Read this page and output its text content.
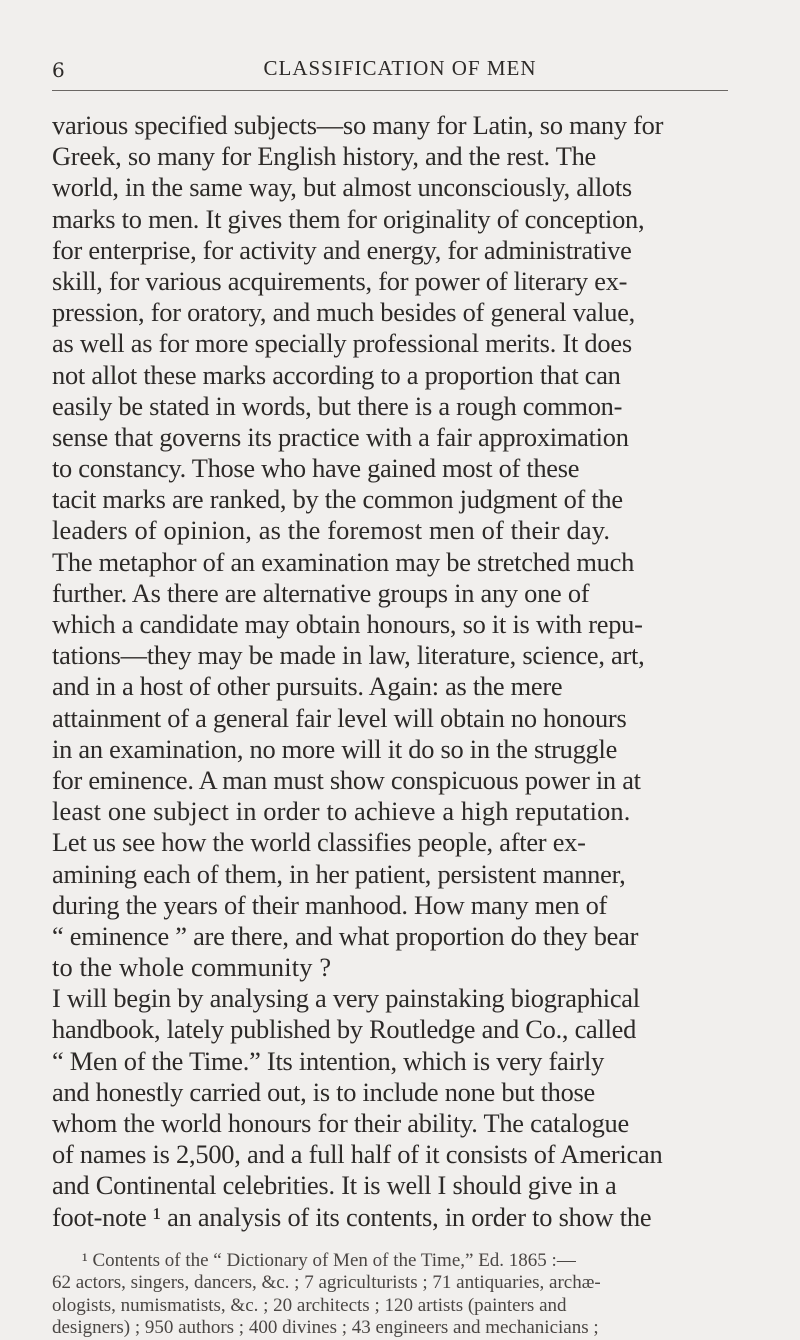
6	CLASSIFICATION OF MEN
various specified subjects—so many for Latin, so many for
Greek, so many for English history, and the rest. The
world, in the same way, but almost unconsciously, allots
marks to men. It gives them for originality of conception,
for enterprise, for activity and energy, for administrative
skill, for various acquirements, for power of literary ex-
pression, for oratory, and much besides of general value,
as well as for more specially professional merits. It does
not allot these marks according to a proportion that can
easily be stated in words, but there is a rough common-
sense that governs its practice with a fair approximation
to constancy. Those who have gained most of these
tacit marks are ranked, by the common judgment of the
leaders of opinion, as the foremost men of their day.
The metaphor of an examination may be stretched much
further. As there are alternative groups in any one of
which a candidate may obtain honours, so it is with repu-
tations—they may be made in law, literature, science, art,
and in a host of other pursuits. Again: as the mere
attainment of a general fair level will obtain no honours
in an examination, no more will it do so in the struggle
for eminence. A man must show conspicuous power in at
least one subject in order to achieve a high reputation.
Let us see how the world classifies people, after ex-
amining each of them, in her patient, persistent manner,
during the years of their manhood. How many men of
“ eminence ” are there, and what proportion do they bear
to the whole community ?
I will begin by analysing a very painstaking biographical
handbook, lately published by Routledge and Co., called
“ Men of the Time.” Its intention, which is very fairly
and honestly carried out, is to include none but those
whom the world honours for their ability. The catalogue
of names is 2,500, and a full half of it consists of American
and Continental celebrities. It is well I should give in a
foot-note ¹ an analysis of its contents, in order to show the
¹ Contents of the “ Dictionary of Men of the Time,” Ed. 1865 :—
62 actors, singers, dancers, &c. ; 7 agriculturists ; 71 antiquaries, archæ-
ologists, numismatists, &c. ; 20 architects ; 120 artists (painters and
designers) ; 950 authors ; 400 divines ; 43 engineers and mechanicians ;
